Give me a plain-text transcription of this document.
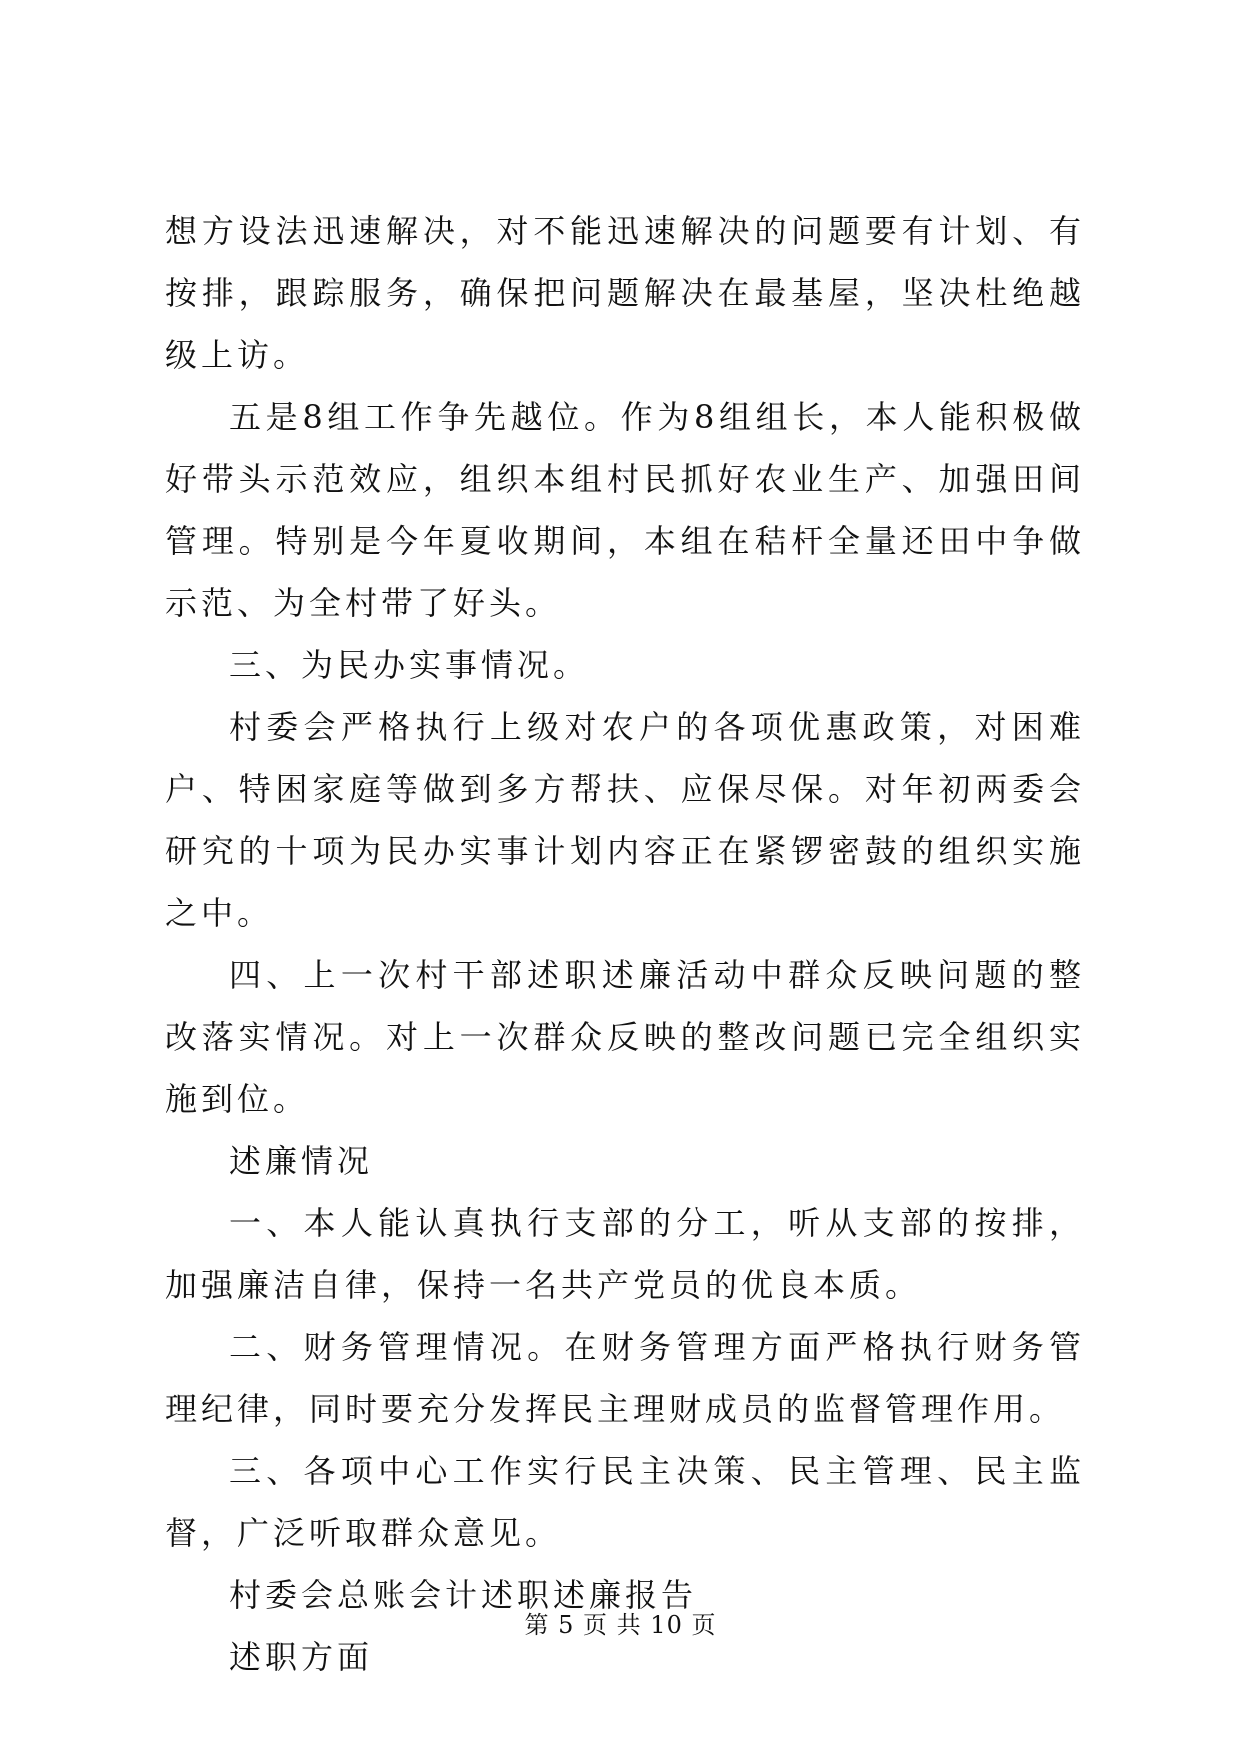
想方设法迅速解决，对不能迅速解决的问题要有计划、有按排，跟踪服务，确保把问题解决在最基屋，坚决杜绝越级上访。

五是8组工作争先越位。作为8组组长，本人能积极做好带头示范效应，组织本组村民抓好农业生产、加强田间管理。特别是今年夏收期间，本组在秸杆全量还田中争做示范、为全村带了好头。

三、为民办实事情况。

村委会严格执行上级对农户的各项优惠政策，对困难户、特困家庭等做到多方帮扶、应保尽保。对年初两委会研究的十项为民办实事计划内容正在紧锣密鼓的组织实施之中。

四、上一次村干部述职述廉活动中群众反映问题的整改落实情况。对上一次群众反映的整改问题已完全组织实施到位。

述廉情况

一、本人能认真执行支部的分工，听从支部的按排，加强廉洁自律，保持一名共产党员的优良本质。

二、财务管理情况。在财务管理方面严格执行财务管理纪律，同时要充分发挥民主理财成员的监督管理作用。

三、各项中心工作实行民主决策、民主管理、民主监督，广泛听取群众意见。

村委会总账会计述职述廉报告

述职方面

第 5 页 共 10 页
